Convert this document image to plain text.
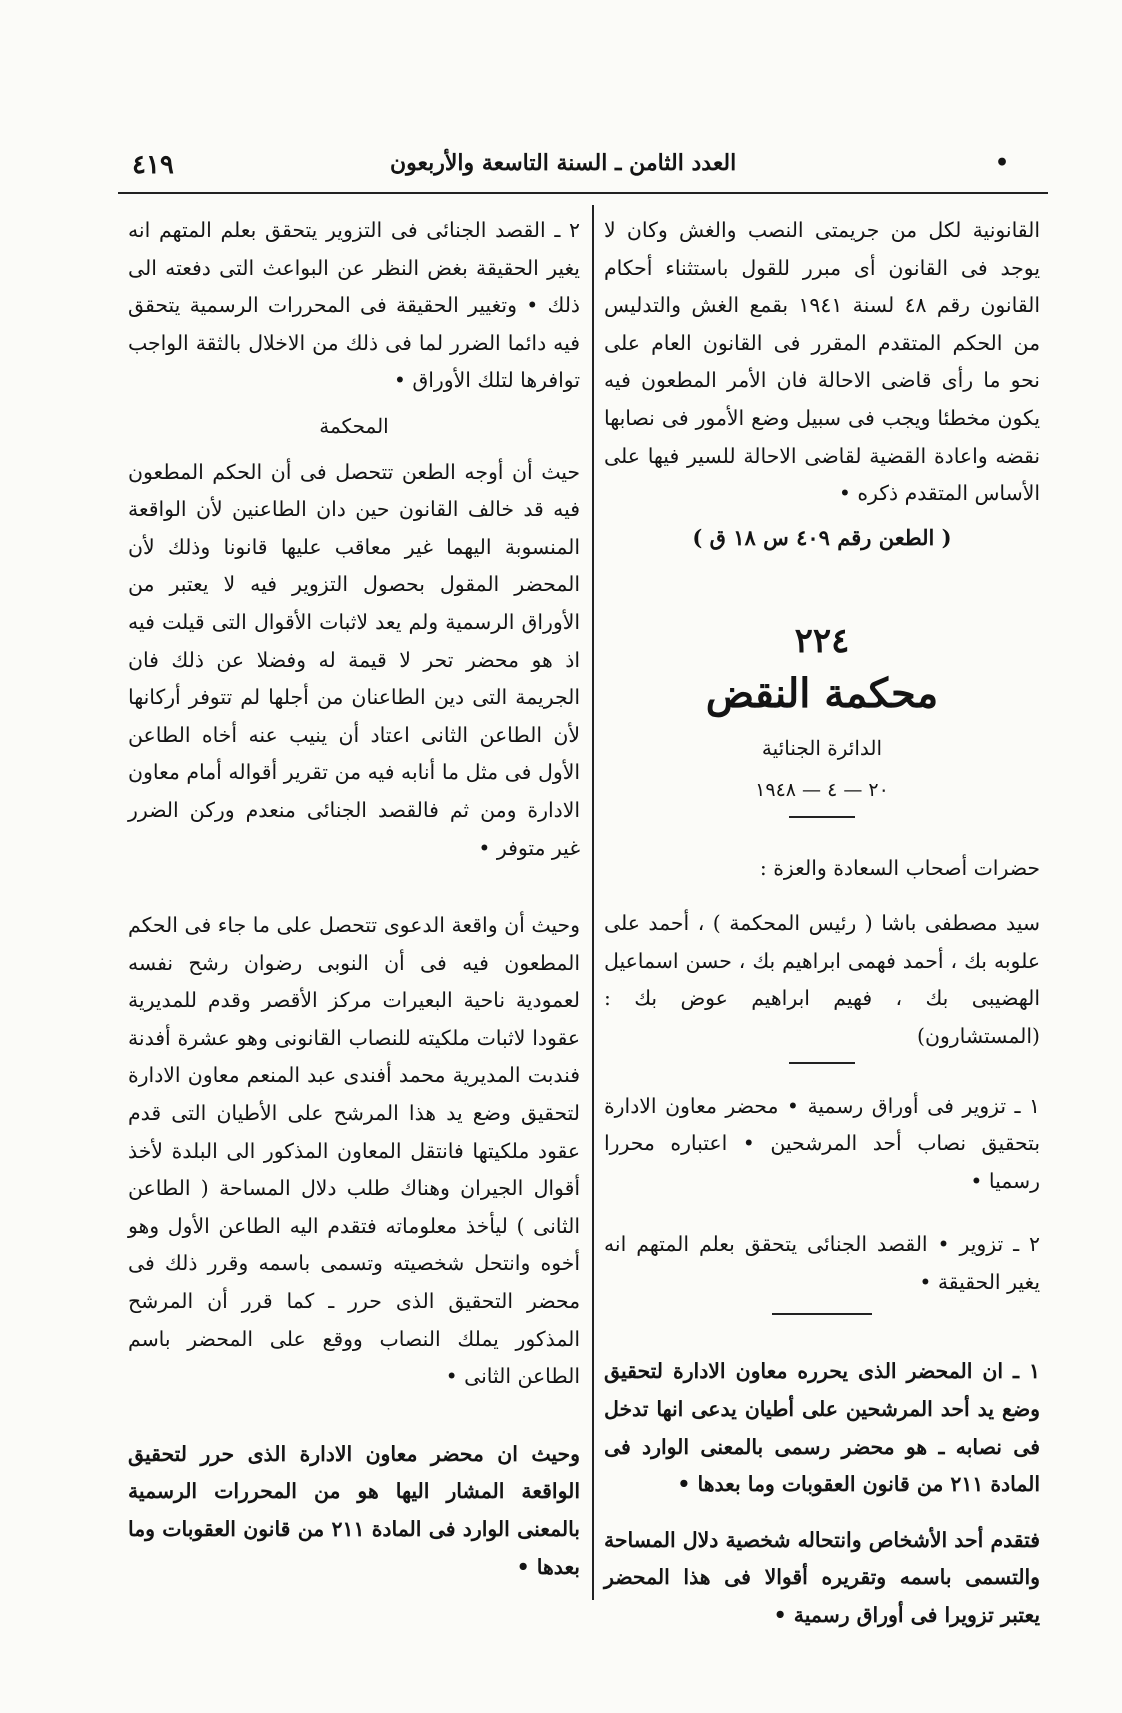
•
العدد الثامن ـ السنة التاسعة والأربعون
٤١٩

القانونية لكل من جريمتى النصب والغش وكان لا يوجد فى القانون أى مبرر للقول باستثناء أحكام القانون رقم ٤٨ لسنة ١٩٤١ بقمع الغش والتدليس من الحكم المتقدم المقرر فى القانون العام على نحو ما رأى قاضى الاحالة فان الأمر المطعون فيه يكون مخطئا ويجب فى سبيل وضع الأمور فى نصابها نقضه واعادة القضية لقاضى الاحالة للسير فيها على الأساس المتقدم ذكره •

( الطعن رقم ٤٠٩ س ١٨ ق )
٢٢٤
محكمة النقض
الدائرة الجنائية
٢٠ — ٤ — ١٩٤٨

حضرات أصحاب السعادة والعزة :

سيد مصطفى باشا ( رئيس المحكمة ) ، أحمد على علوبه بك ، أحمد فهمى ابراهيم بك ، حسن اسماعيل الهضيبى بك ، فهيم ابراهيم عوض بك : (المستشارون)

١ ـ تزوير فى أوراق رسمية • محضر معاون الادارة بتحقيق نصاب أحد المرشحين • اعتباره محررا رسميا •

٢ ـ تزوير • القصد الجنائى يتحقق بعلم المتهم انه يغير الحقيقة •

١ ـ ان المحضر الذى يحرره معاون الادارة لتحقيق وضع يد أحد المرشحين على أطيان يدعى انها تدخل فى نصابه ـ هو محضر رسمى بالمعنى الوارد فى المادة ٢١١ من قانون العقوبات وما بعدها •

فتقدم أحد الأشخاص وانتحاله شخصية دلال المساحة والتسمى باسمه وتقريره أقوالا فى هذا المحضر يعتبر تزويرا فى أوراق رسمية •

٢ ـ القصد الجنائى فى التزوير يتحقق بعلم المتهم انه يغير الحقيقة بغض النظر عن البواعث التى دفعته الى ذلك • وتغيير الحقيقة فى المحررات الرسمية يتحقق فيه دائما الضرر لما فى ذلك من الاخلال بالثقة الواجب توافرها لتلك الأوراق •

المحكمة

حيث أن أوجه الطعن تتحصل فى أن الحكم المطعون فيه قد خالف القانون حين دان الطاعنين لأن الواقعة المنسوبة اليهما غير معاقب عليها قانونا وذلك لأن المحضر المقول بحصول التزوير فيه لا يعتبر من الأوراق الرسمية ولم يعد لاثبات الأقوال التى قيلت فيه اذ هو محضر تحر لا قيمة له وفضلا عن ذلك فان الجريمة التى دين الطاعنان من أجلها لم تتوفر أركانها لأن الطاعن الثانى اعتاد أن ينيب عنه أخاه الطاعن الأول فى مثل ما أنابه فيه من تقرير أقواله أمام معاون الادارة ومن ثم فالقصد الجنائى منعدم وركن الضرر غير متوفر •

وحيث أن واقعة الدعوى تتحصل على ما جاء فى الحكم المطعون فيه فى أن النوبى رضوان رشح نفسه لعمودية ناحية البعيرات مركز الأقصر وقدم للمديرية عقودا لاثبات ملكيته للنصاب القانونى وهو عشرة أفدنة فندبت المديرية محمد أفندى عبد المنعم معاون الادارة لتحقيق وضع يد هذا المرشح على الأطيان التى قدم عقود ملكيتها فانتقل المعاون المذكور الى البلدة لأخذ أقوال الجيران وهناك طلب دلال المساحة ( الطاعن الثانى ) ليأخذ معلوماته فتقدم اليه الطاعن الأول وهو أخوه وانتحل شخصيته وتسمى باسمه وقرر ذلك فى محضر التحقيق الذى حرر ـ كما قرر أن المرشح المذكور يملك النصاب ووقع على المحضر باسم الطاعن الثانى •

وحيث ان محضر معاون الادارة الذى حرر لتحقيق الواقعة المشار اليها هو من المحررات الرسمية بالمعنى الوارد فى المادة ٢١١ من قانون العقوبات وما بعدها •
